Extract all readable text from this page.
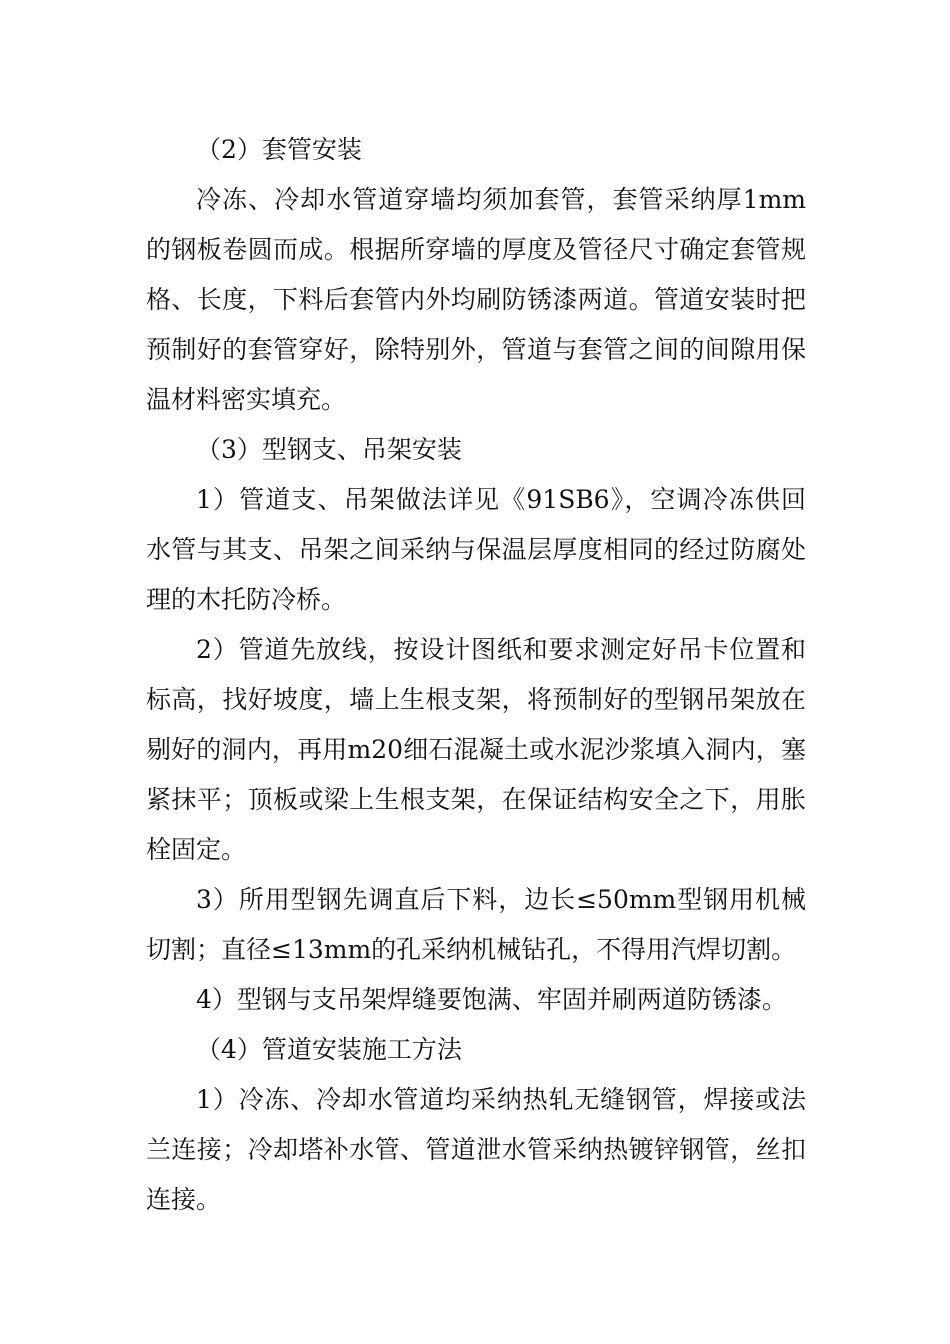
（2）套管安装

冷冻、冷却水管道穿墙均须加套管，套管采纳厚1mm的钢板卷圆而成。根据所穿墙的厚度及管径尺寸确定套管规格、长度，下料后套管内外均刷防锈漆两道。管道安装时把预制好的套管穿好，除特别外，管道与套管之间的间隙用保温材料密实填充。

（3）型钢支、吊架安装

1）管道支、吊架做法详见《91SB6》，空调冷冻供回水管与其支、吊架之间采纳与保温层厚度相同的经过防腐处理的木托防冷桥。

2）管道先放线，按设计图纸和要求测定好吊卡位置和标高，找好坡度，墙上生根支架，将预制好的型钢吊架放在剔好的洞内，再用m20细石混凝土或水泥沙浆填入洞内，塞紧抹平；顶板或梁上生根支架，在保证结构安全之下，用胀栓固定。

3）所用型钢先调直后下料，边长≤50mm型钢用机械切割；直径≤13mm的孔采纳机械钻孔，不得用汽焊切割。

4）型钢与支吊架焊缝要饱满、牢固并刷两道防锈漆。

（4）管道安装施工方法

1）冷冻、冷却水管道均采纳热轧无缝钢管，焊接或法兰连接；冷却塔补水管、管道泄水管采纳热镀锌钢管，丝扣连接。
